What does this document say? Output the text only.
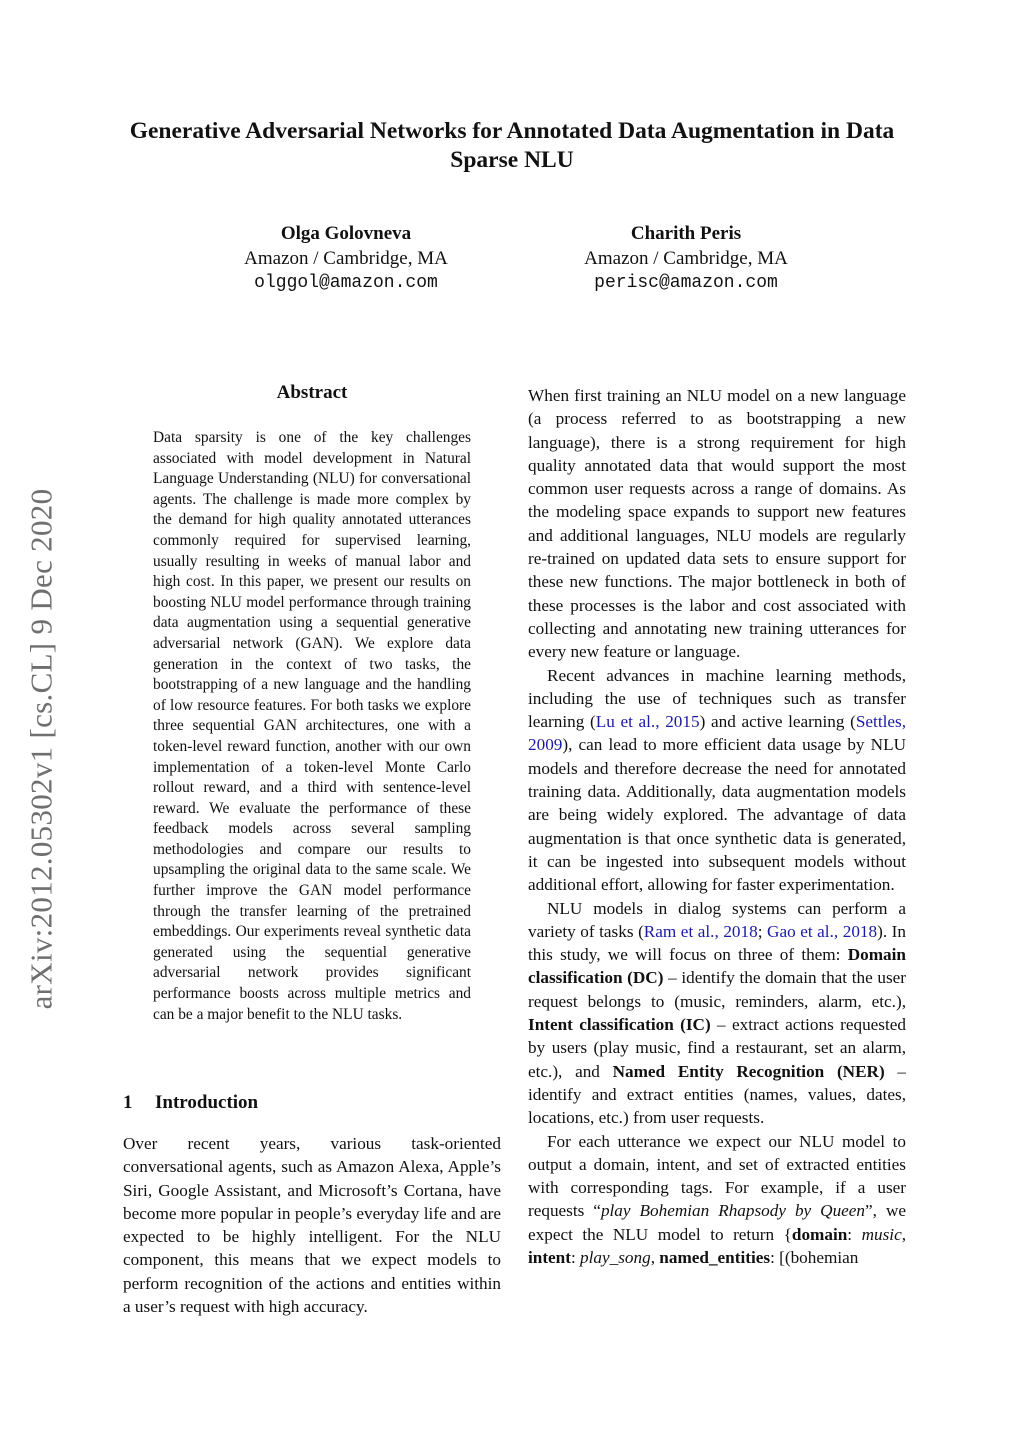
arXiv:2012.05302v1 [cs.CL] 9 Dec 2020
Generative Adversarial Networks for Annotated Data Augmentation in Data Sparse NLU
Olga Golovneva
Amazon / Cambridge, MA
olggol@amazon.com
Charith Peris
Amazon / Cambridge, MA
perisc@amazon.com
Abstract

Data sparsity is one of the key challenges associated with model development in Natural Language Understanding (NLU) for conversational agents. The challenge is made more complex by the demand for high quality annotated utterances commonly required for supervised learning, usually resulting in weeks of manual labor and high cost. In this paper, we present our results on boosting NLU model performance through training data augmentation using a sequential generative adversarial network (GAN). We explore data generation in the context of two tasks, the bootstrapping of a new language and the handling of low resource features. For both tasks we explore three sequential GAN architectures, one with a token-level reward function, another with our own implementation of a token-level Monte Carlo rollout reward, and a third with sentence-level reward. We evaluate the performance of these feedback models across several sampling methodologies and compare our results to upsampling the original data to the same scale. We further improve the GAN model performance through the transfer learning of the pretrained embeddings. Our experiments reveal synthetic data generated using the sequential generative adversarial network provides significant performance boosts across multiple metrics and can be a major benefit to the NLU tasks.

1 Introduction

Over recent years, various task-oriented conversational agents, such as Amazon Alexa, Apple’s Siri, Google Assistant, and Microsoft’s Cortana, have become more popular in people’s everyday life and are expected to be highly intelligent. For the NLU component, this means that we expect models to perform recognition of the actions and entities within a user’s request with high accuracy.

When first training an NLU model on a new language (a process referred to as bootstrapping a new language), there is a strong requirement for high quality annotated data that would support the most common user requests across a range of domains. As the modeling space expands to support new features and additional languages, NLU models are regularly re-trained on updated data sets to ensure support for these new functions. The major bottleneck in both of these processes is the labor and cost associated with collecting and annotating new training utterances for every new feature or language.

Recent advances in machine learning methods, including the use of techniques such as transfer learning (Lu et al., 2015) and active learning (Settles, 2009), can lead to more efficient data usage by NLU models and therefore decrease the need for annotated training data. Additionally, data augmentation models are being widely explored. The advantage of data augmentation is that once synthetic data is generated, it can be ingested into subsequent models without additional effort, allowing for faster experimentation.

NLU models in dialog systems can perform a variety of tasks (Ram et al., 2018; Gao et al., 2018). In this study, we will focus on three of them: Domain classification (DC) – identify the domain that the user request belongs to (music, reminders, alarm, etc.), Intent classification (IC) – extract actions requested by users (play music, find a restaurant, set an alarm, etc.), and Named Entity Recognition (NER) – identify and extract entities (names, values, dates, locations, etc.) from user requests.

For each utterance we expect our NLU model to output a domain, intent, and set of extracted entities with corresponding tags. For example, if a user requests “play Bohemian Rhapsody by Queen”, we expect the NLU model to return {domain: music, intent: play_song, named_entities: [(bohemian
